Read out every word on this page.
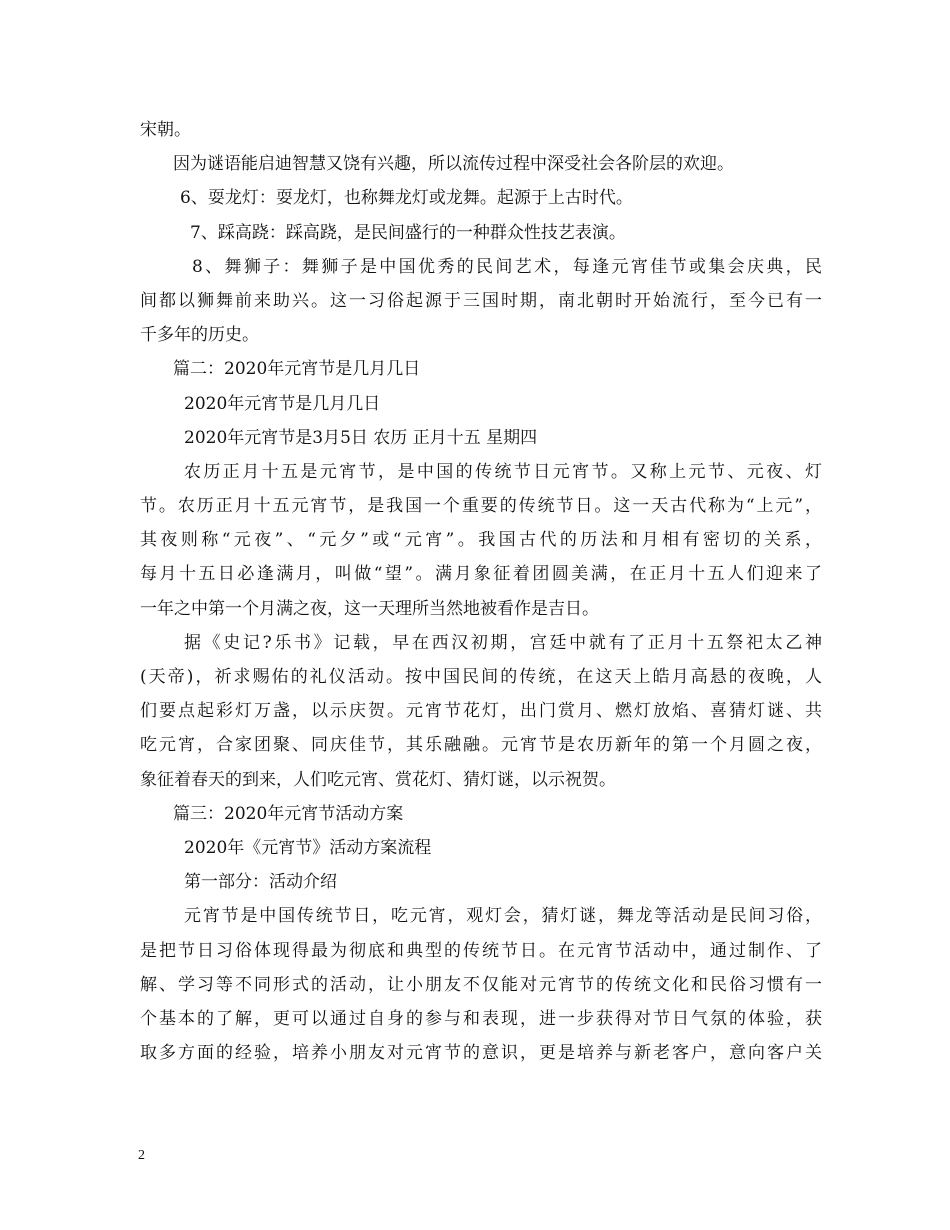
宋朝。
因为谜语能启迪智慧又饶有兴趣，所以流传过程中深受社会各阶层的欢迎。
6、耍龙灯：耍龙灯，也称舞龙灯或龙舞。起源于上古时代。
7、踩高跷：踩高跷，是民间盛行的一种群众性技艺表演。
8、舞狮子：舞狮子是中国优秀的民间艺术，每逢元宵佳节或集会庆典，民
间都以狮舞前来助兴。这一习俗起源于三国时期，南北朝时开始流行，至今已有一
千多年的历史。
篇二：2020年元宵节是几月几日
2020年元宵节是几月几日
2020年元宵节是3月5日 农历 正月十五 星期四
农历正月十五是元宵节，是中国的传统节日元宵节。又称上元节、元夜、灯
节。农历正月十五元宵节，是我国一个重要的传统节日。这一天古代称为“上元”，
其夜则称“元夜”、“元夕”或“元宵”。我国古代的历法和月相有密切的关系，
每月十五日必逢满月，叫做“望”。满月象征着团圆美满，在正月十五人们迎来了
一年之中第一个月满之夜，这一天理所当然地被看作是吉日。
据《史记?乐书》记载，早在西汉初期，宫廷中就有了正月十五祭祀太乙神
(天帝)，祈求赐佑的礼仪活动。按中国民间的传统，在这天上皓月高悬的夜晚，人
们要点起彩灯万盏，以示庆贺。元宵节花灯，出门赏月、燃灯放焰、喜猜灯谜、共
吃元宵，合家团聚、同庆佳节，其乐融融。元宵节是农历新年的第一个月圆之夜，
象征着春天的到来，人们吃元宵、赏花灯、猜灯谜，以示祝贺。
篇三：2020年元宵节活动方案
2020年《元宵节》活动方案流程
第一部分：活动介绍
元宵节是中国传统节日，吃元宵，观灯会，猜灯谜，舞龙等活动是民间习俗，
是把节日习俗体现得最为彻底和典型的传统节日。在元宵节活动中，通过制作、了
解、学习等不同形式的活动，让小朋友不仅能对元宵节的传统文化和民俗习惯有一
个基本的了解，更可以通过自身的参与和表现，进一步获得对节日气氛的体验，获
取多方面的经验，培养小朋友对元宵节的意识，更是培养与新老客户，意向客户关
2
